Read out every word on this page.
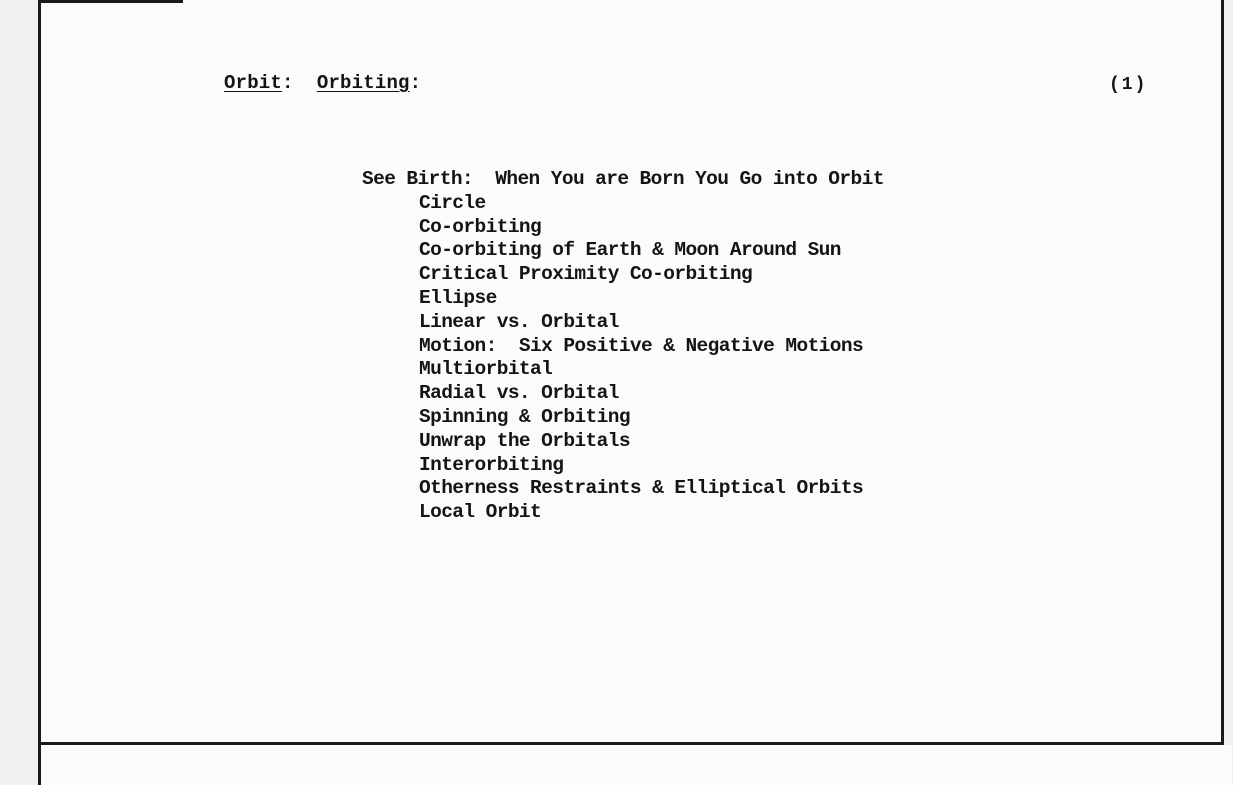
Orbit: Orbiting:	(1)
See Birth:  When You are Born You Go into Orbit
Circle
Co-orbiting
Co-orbiting of Earth & Moon Around Sun
Critical Proximity Co-orbiting
Ellipse
Linear vs. Orbital
Motion:  Six Positive & Negative Motions
Multiorbital
Radial vs. Orbital
Spinning & Orbiting
Unwrap the Orbitals
Interorbiting
Otherness Restraints & Elliptical Orbits
Local Orbit
